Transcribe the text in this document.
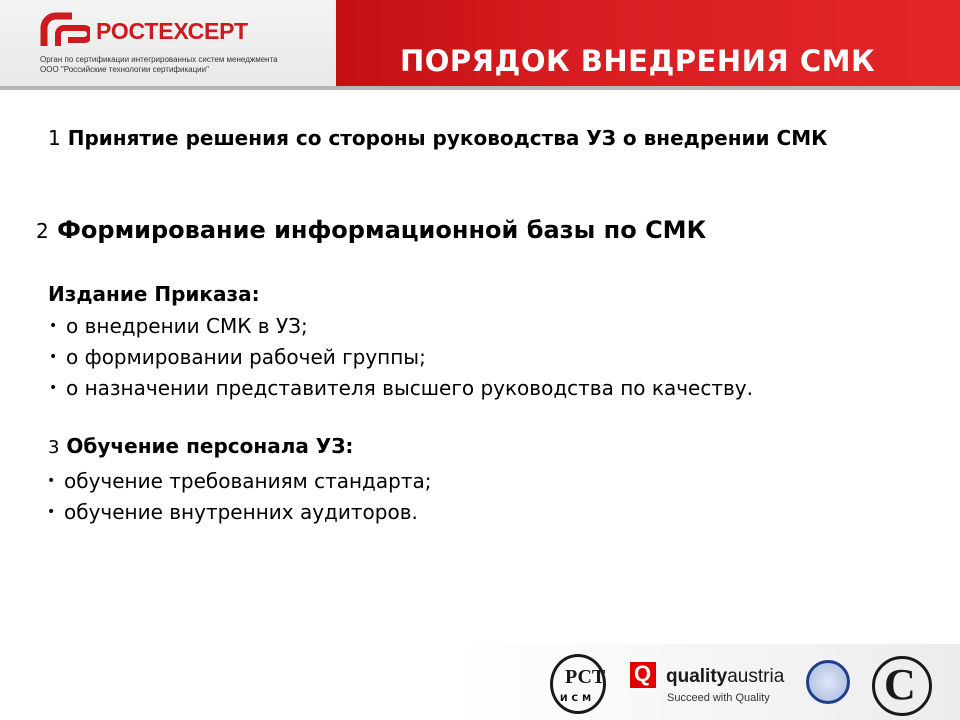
РОСТЕХСЕРТ
Орган по сертификации интегрированных систем менеджмента
ООО "Российские технологии сертификации"	ПОРЯДОК ВНЕДРЕНИЯ СМК
1 Принятие решения со стороны руководства УЗ о внедрении СМК
2 Формирование информационной базы по СМК
Издание Приказа:
• о внедрении СМК в УЗ;
• о формировании рабочей группы;
• о назначении представителя высшего руководства по качеству.
3 Обучение персонала УЗ:
• обучение требованиям стандарта;
• обучение внутренних аудиторов.
РСТ
ИСМ
Q qualityaustria
Succeed with Quality	C
